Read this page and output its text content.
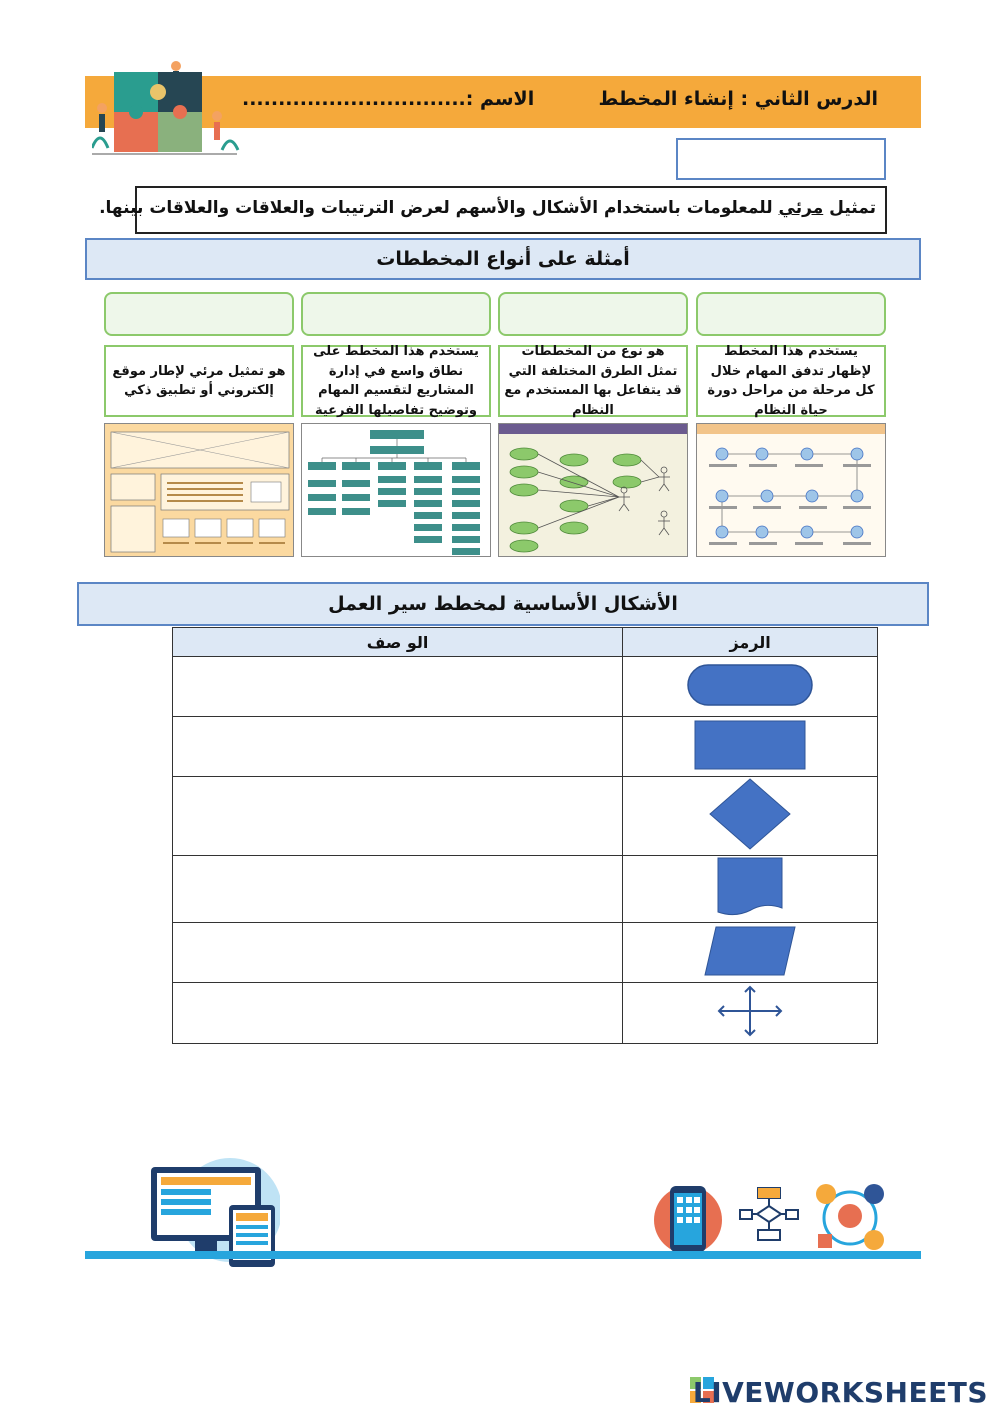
الدرس الثاني : إنشاء المخطط
الاسم :...............................
تمثيل مرئي للمعلومات باستخدام الأشكال والأسهم لعرض الترتيبات والعلاقات والعلاقات بينها.
أمثلة على أنواع المخططات
يستخدم هذا المخطط لإظهار تدفق المهام خلال كل مرحلة من مراحل دورة حياة النظام
هو نوع من المخططات تمثل الطرق المختلفة التي قد يتفاعل بها المستخدم مع النظام
يستخدم هذا المخطط على نطاق واسع في إدارة المشاريع لتقسيم المهام وتوضيح تفاصيلها الفرعية
هو تمثيل مرئي لإطار موقع إلكتروني أو تطبيق ذكي
الأشكال الأساسية لمخطط سير العمل
الو صف	الرمز

LIVEWORKSHEETS
